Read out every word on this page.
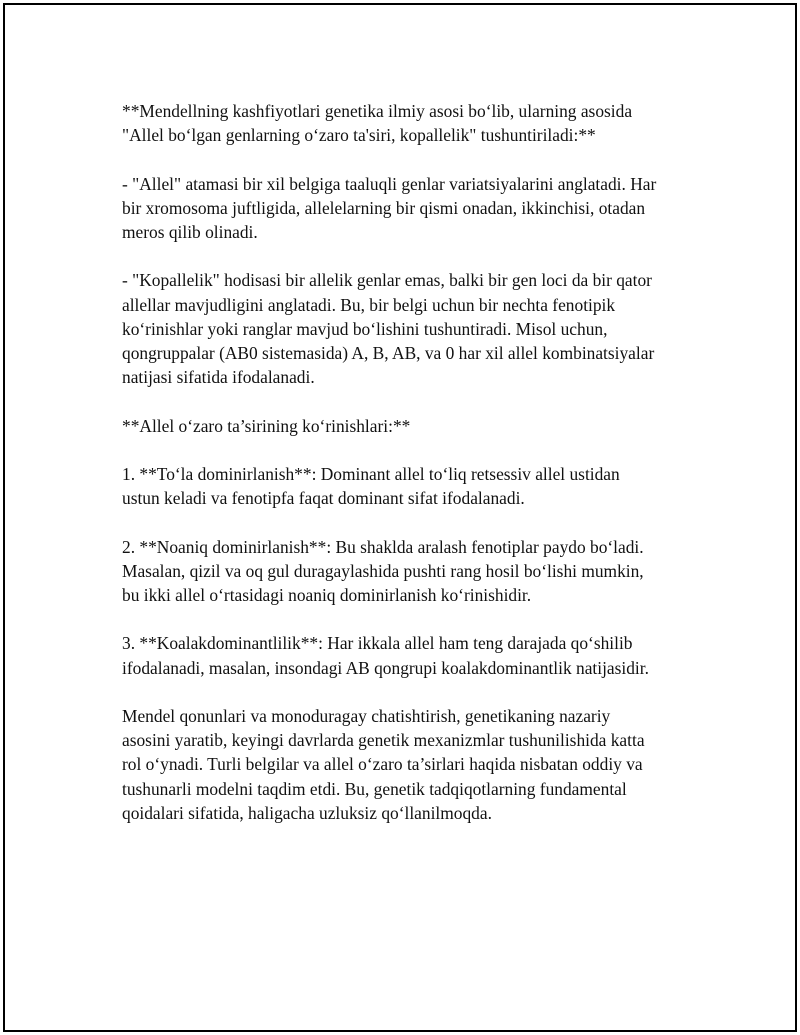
**Mendellning kashfiyotlari genetika ilmiy asosi bo‘lib, ularning asosida
"Allel bo‘lgan genlarning o‘zaro ta'siri, kopallelik" tushuntiriladi:**

- "Allel" atamasi bir xil belgiga taaluqli genlar variatsiyalarini anglatadi. Har
bir xromosoma juftligida, allelelarning bir qismi onadan, ikkinchisi, otadan
meros qilib olinadi.

- "Kopallelik" hodisasi bir allelik genlar emas, balki bir gen loci da bir qator
allellar mavjudligini anglatadi. Bu, bir belgi uchun bir nechta fenotipik
ko‘rinishlar yoki ranglar mavjud bo‘lishini tushuntiradi. Misol uchun,
qongruppalar (AB0 sistemasida) A, B, AB, va 0 har xil allel kombinatsiyalar
natijasi sifatida ifodalanadi.

**Allel o‘zaro ta’sirining ko‘rinishlari:**

1. **To‘la dominirlanish**: Dominant allel to‘liq retsessiv allel ustidan
ustun keladi va fenotipfa faqat dominant sifat ifodalanadi.

2. **Noaniq dominirlanish**: Bu shaklda aralash fenotiplar paydo bo‘ladi.
Masalan, qizil va oq gul duragaylashida pushti rang hosil bo‘lishi mumkin,
bu ikki allel o‘rtasidagi noaniq dominirlanish ko‘rinishidir.

3. **Koalakdominantlilik**: Har ikkala allel ham teng darajada qo‘shilib
ifodalanadi, masalan, insondagi AB qongrupi koalakdominantlik natijasidir.

Mendel qonunlari va monoduragay chatishtirish, genetikaning nazariy
asosini yaratib, keyingi davrlarda genetik mexanizmlar tushunilishida katta
rol o‘ynadi. Turli belgilar va allel o‘zaro ta’sirlari haqida nisbatan oddiy va
tushunarli modelni taqdim etdi. Bu, genetik tadqiqotlarning fundamental
qoidalari sifatida, haligacha uzluksiz qo‘llanilmoqda.
